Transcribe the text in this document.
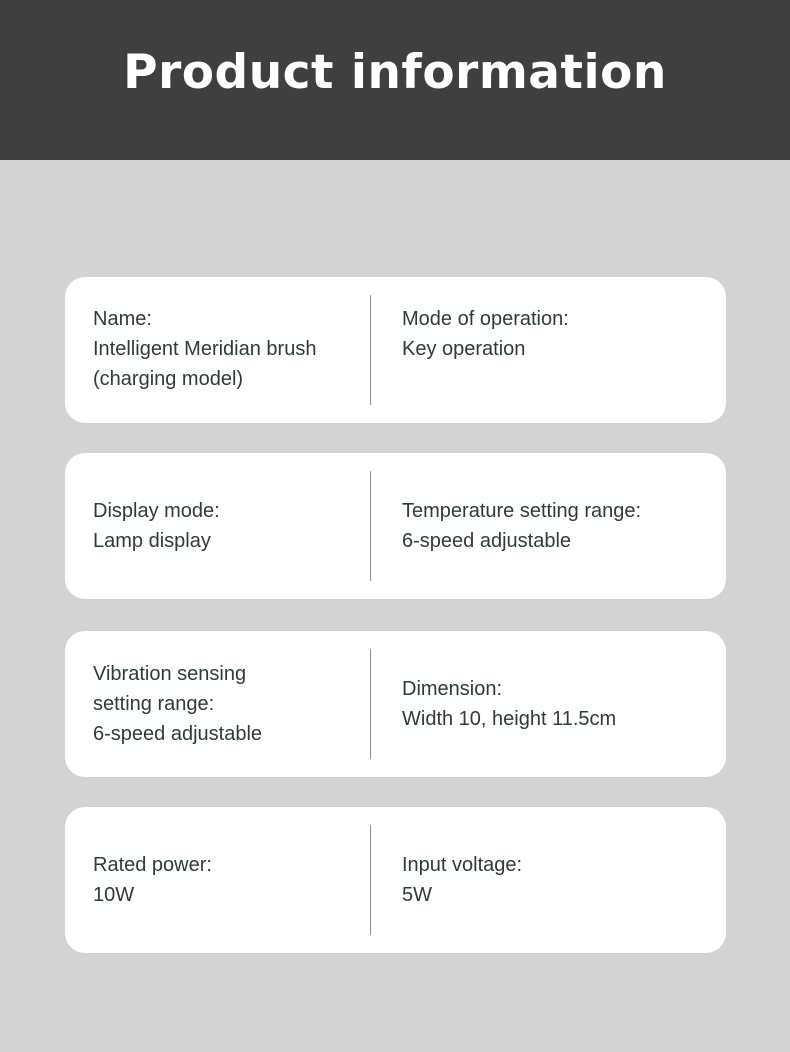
Product information
Name:
Intelligent Meridian brush
(charging model)
Mode of operation:
Key operation
Display mode:
Lamp display
Temperature setting range:
6-speed adjustable
Vibration sensing
setting range:
6-speed adjustable
Dimension:
Width 10, height 11.5cm
Rated power:
10W
Input voltage:
5W
